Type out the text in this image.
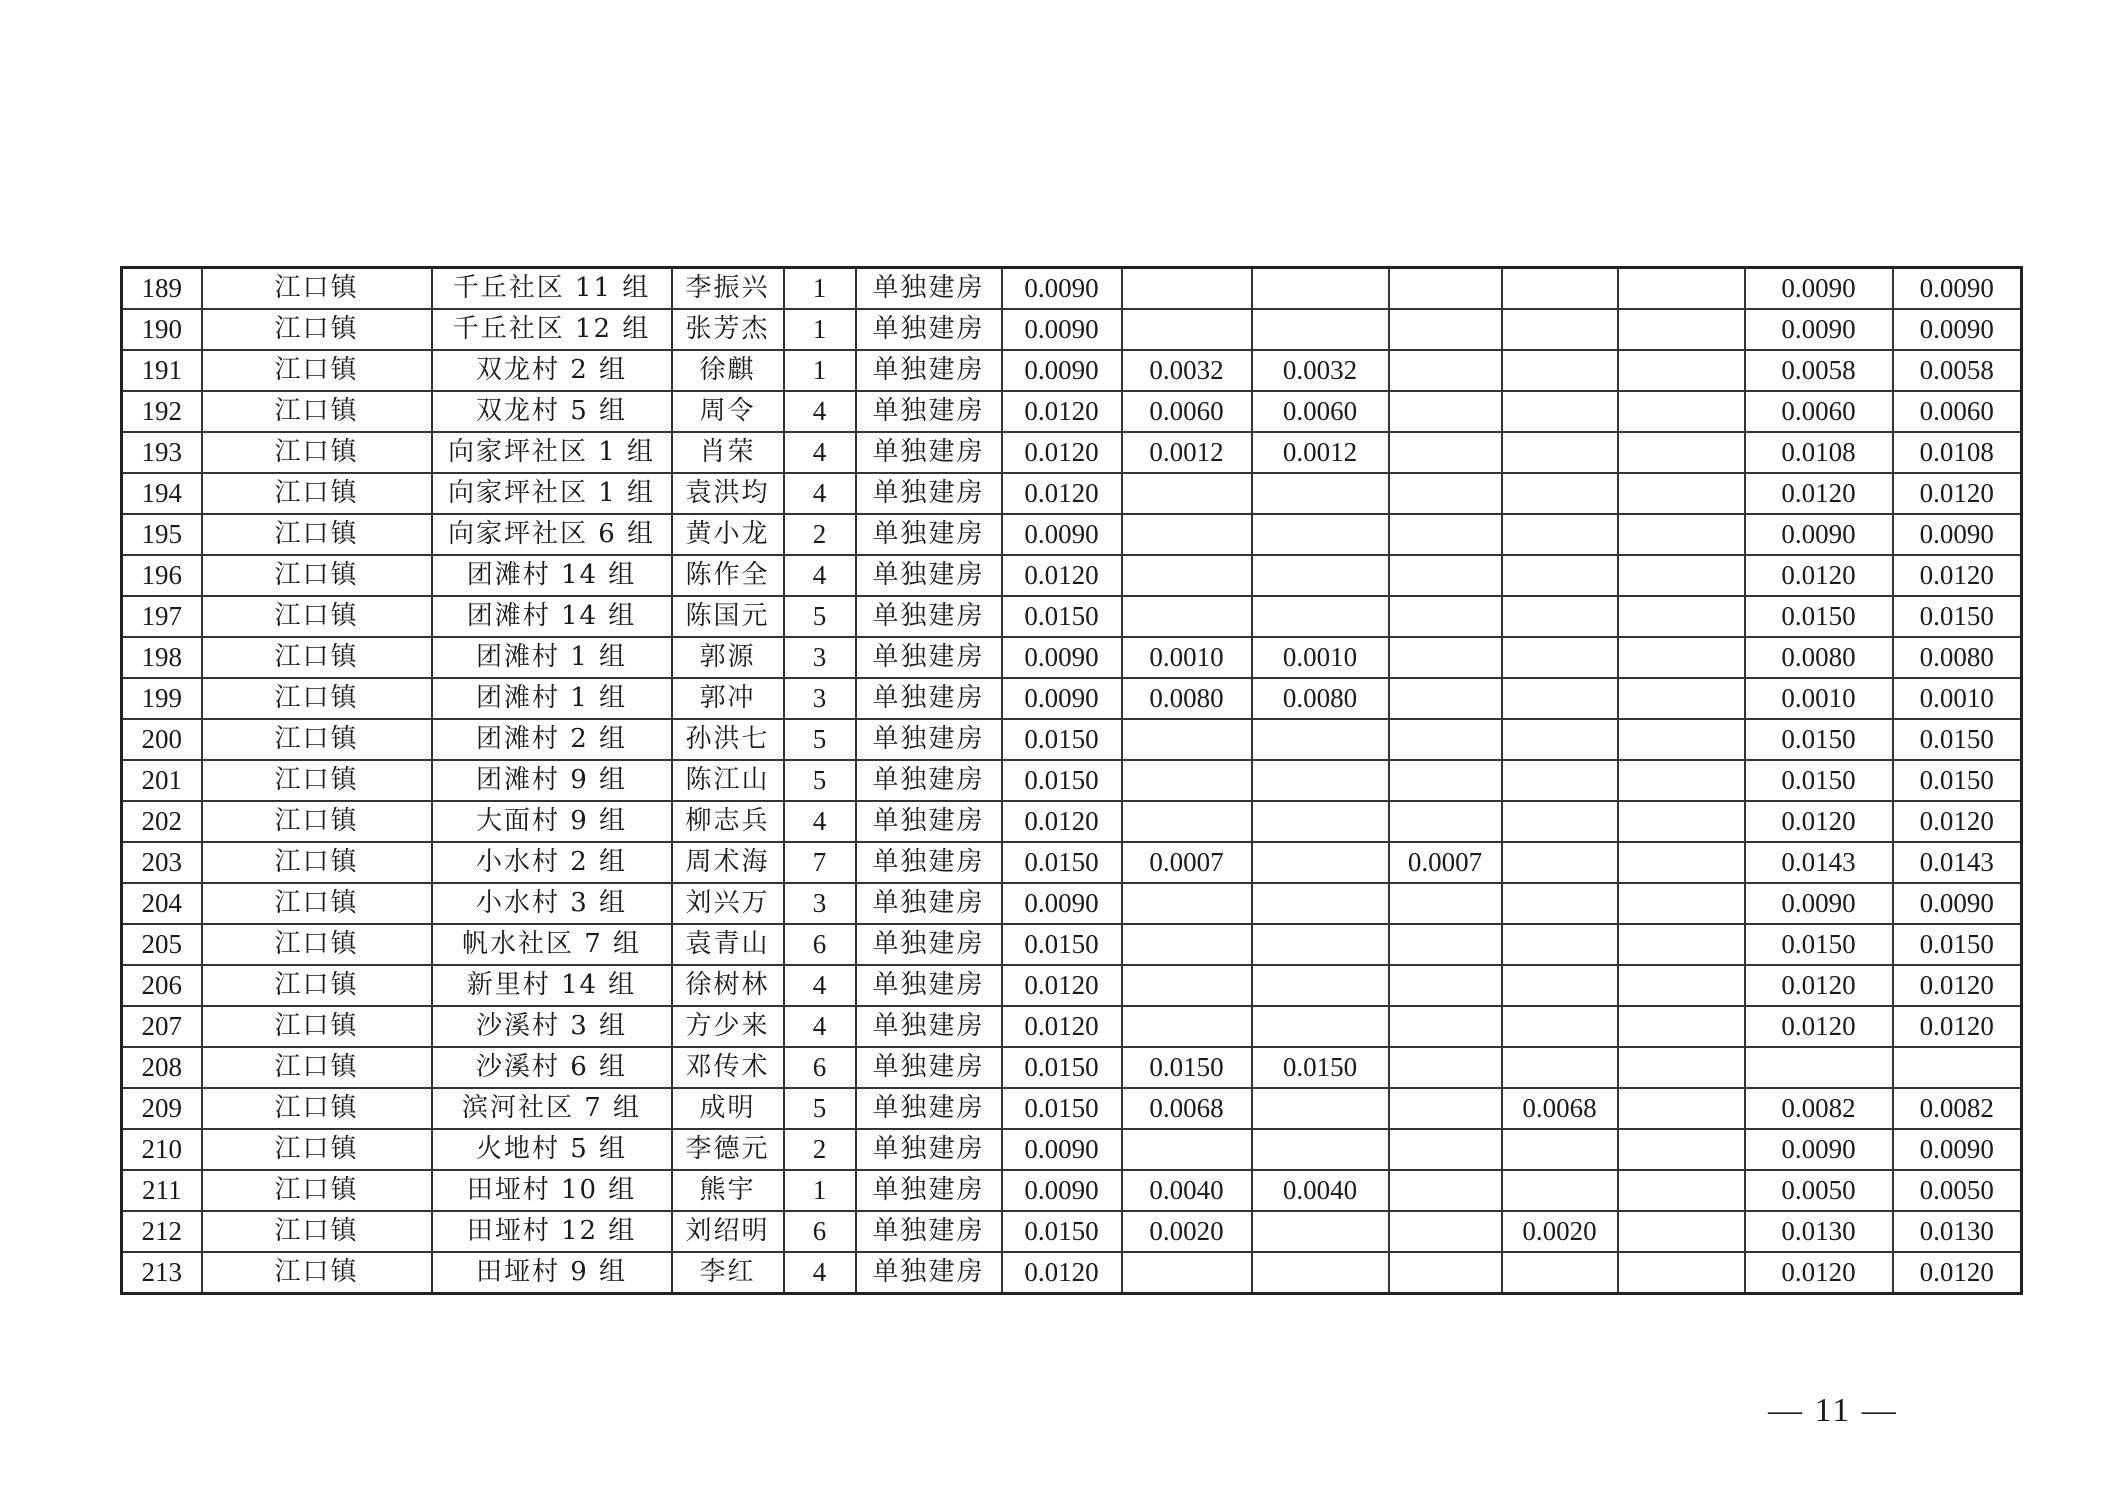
189	江口镇	千丘社区 11 组	李振兴	1	单独建房	0.0090						0.0090	0.0090
190	江口镇	千丘社区 12 组	张芳杰	1	单独建房	0.0090						0.0090	0.0090
191	江口镇	双龙村 2 组	徐麒	1	单独建房	0.0090	0.0032	0.0032				0.0058	0.0058
192	江口镇	双龙村 5 组	周令	4	单独建房	0.0120	0.0060	0.0060				0.0060	0.0060
193	江口镇	向家坪社区 1 组	肖荣	4	单独建房	0.0120	0.0012	0.0012				0.0108	0.0108
194	江口镇	向家坪社区 1 组	袁洪均	4	单独建房	0.0120						0.0120	0.0120
195	江口镇	向家坪社区 6 组	黄小龙	2	单独建房	0.0090						0.0090	0.0090
196	江口镇	团滩村 14 组	陈作全	4	单独建房	0.0120						0.0120	0.0120
197	江口镇	团滩村 14 组	陈国元	5	单独建房	0.0150						0.0150	0.0150
198	江口镇	团滩村 1 组	郭源	3	单独建房	0.0090	0.0010	0.0010				0.0080	0.0080
199	江口镇	团滩村 1 组	郭冲	3	单独建房	0.0090	0.0080	0.0080				0.0010	0.0010
200	江口镇	团滩村 2 组	孙洪七	5	单独建房	0.0150						0.0150	0.0150
201	江口镇	团滩村 9 组	陈江山	5	单独建房	0.0150						0.0150	0.0150
202	江口镇	大面村 9 组	柳志兵	4	单独建房	0.0120						0.0120	0.0120
203	江口镇	小水村 2 组	周术海	7	单独建房	0.0150	0.0007		0.0007			0.0143	0.0143
204	江口镇	小水村 3 组	刘兴万	3	单独建房	0.0090						0.0090	0.0090
205	江口镇	帆水社区 7 组	袁青山	6	单独建房	0.0150						0.0150	0.0150
206	江口镇	新里村 14 组	徐树林	4	单独建房	0.0120						0.0120	0.0120
207	江口镇	沙溪村 3 组	方少来	4	单独建房	0.0120						0.0120	0.0120
208	江口镇	沙溪村 6 组	邓传术	6	单独建房	0.0150	0.0150	0.0150					
209	江口镇	滨河社区 7 组	成明	5	单独建房	0.0150	0.0068			0.0068		0.0082	0.0082
210	江口镇	火地村 5 组	李德元	2	单独建房	0.0090						0.0090	0.0090
211	江口镇	田垭村 10 组	熊宇	1	单独建房	0.0090	0.0040	0.0040				0.0050	0.0050
212	江口镇	田垭村 12 组	刘绍明	6	单独建房	0.0150	0.0020			0.0020		0.0130	0.0130
213	江口镇	田垭村 9 组	李红	4	单独建房	0.0120						0.0120	0.0120
— 11 —
